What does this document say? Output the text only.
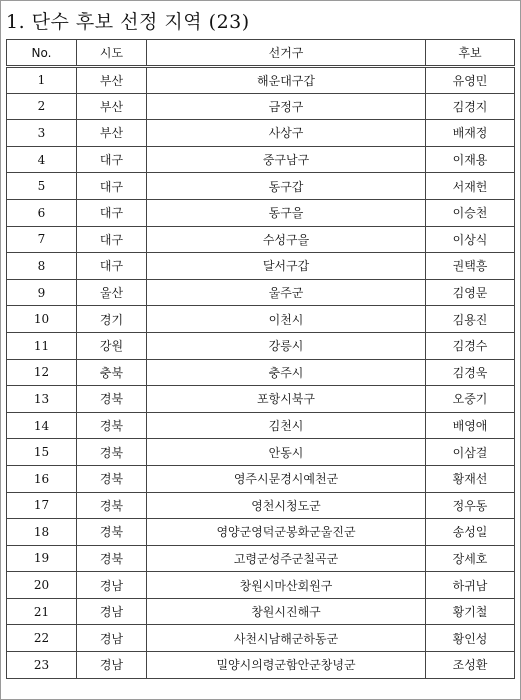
1. 단수 후보 선정 지역 (23)
No.	시도	선거구	후보
1	부산	해운대구갑	유영민
2	부산	금정구	김경지
3	부산	사상구	배재정
4	대구	중구남구	이재용
5	대구	동구갑	서재헌
6	대구	동구을	이승천
7	대구	수성구을	이상식
8	대구	달서구갑	권택흥
9	울산	울주군	김영문
10	경기	이천시	김용진
11	강원	강릉시	김경수
12	충북	충주시	김경욱
13	경북	포항시북구	오중기
14	경북	김천시	배영애
15	경북	안동시	이삼걸
16	경북	영주시문경시예천군	황재선
17	경북	영천시청도군	정우동
18	경북	영양군영덕군봉화군울진군	송성일
19	경북	고령군성주군칠곡군	장세호
20	경남	창원시마산회원구	하귀남
21	경남	창원시진해구	황기철
22	경남	사천시남해군하동군	황인성
23	경남	밀양시의령군함안군창녕군	조성환
